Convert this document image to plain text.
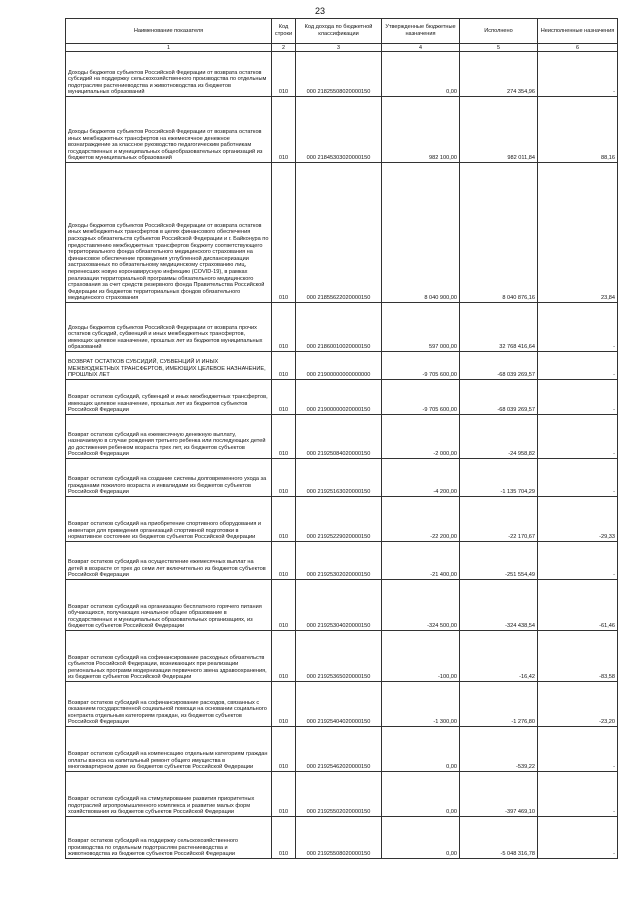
23
Наименование показателя	Код строки	Код дохода по бюджетной классификации	Утвержденные бюджетные назначения	Исполнено	Неисполненные назначения
1	2	3	4	5	6
Доходы бюджетов субъектов Российской Федерации от возврата остатков субсидий на поддержку сельскохозяйственного производства по отдельным подотраслям растениеводства и животноводства из бюджетов муниципальных образований	010	000 21825508020000150	0,00	274 354,96	-
Доходы бюджетов субъектов Российской Федерации от возврата остатков иных межбюджетных трансфертов на ежемесячное денежное вознаграждение за классное руководство педагогическим работникам государственных и муниципальных общеобразовательных организаций из бюджетов муниципальных образований	010	000 21845303020000150	982 100,00	982 011,84	88,16
Доходы бюджетов субъектов Российской Федерации от возврата остатков иных межбюджетных трансфертов в целях финансового обеспечения расходных обязательств субъектов Российской Федерации и г. Байконура по предоставлению межбюджетных трансфертов бюджету соответствующего территориального фонда обязательного медицинского страхования на финансовое обеспечение проведения углубленной диспансеризации застрахованных по обязательному медицинскому страхованию лиц, перенесших новую коронавирусную инфекцию (COVID-19), в рамках реализации территориальной программы обязательного медицинского страхования за счет средств резервного фонда Правительства Российской Федерации из бюджетов территориальных фондов обязательного медицинского страхования	010	000 21855622020000150	8 040 900,00	8 040 876,16	23,84
Доходы бюджетов субъектов Российской Федерации от возврата прочих остатков субсидий, субвенций и иных межбюджетных трансфертов, имеющих целевое назначение, прошлых лет из бюджетов муниципальных образований	010	000 21860010020000150	597 000,00	32 768 416,64	-
ВОЗВРАТ ОСТАТКОВ СУБСИДИЙ, СУБВЕНЦИЙ И ИНЫХ МЕЖБЮДЖЕТНЫХ ТРАНСФЕРТОВ, ИМЕЮЩИХ ЦЕЛЕВОЕ НАЗНАЧЕНИЕ, ПРОШЛЫХ ЛЕТ	010	000 21900000000000000	-9 705 600,00	-68 039 269,57	-
Возврат остатков субсидий, субвенций и иных межбюджетных трансфертов, имеющих целевое назначение, прошлых лет из бюджетов субъектов Российской Федерации	010	000 21900000020000150	-9 705 600,00	-68 039 269,57	-
Возврат остатков субсидий на ежемесячную денежную выплату, назначаемую в случае рождения третьего ребенка или последующих детей до достижения ребенком возраста трех лет, из бюджетов субъектов Российской Федерации	010	000 21925084020000150	-2 000,00	-24 958,82	-
Возврат остатков субсидий на создание системы долговременного ухода за гражданами пожилого возраста и инвалидами из бюджетов субъектов Российской Федерации	010	000 21925163020000150	-4 200,00	-1 135 704,29	-
Возврат остатков субсидий на приобретение спортивного оборудования и инвентаря для приведения организаций спортивной подготовки в нормативное состояние из бюджетов субъектов Российской Федерации	010	000 21925229020000150	-22 200,00	-22 170,67	-29,33
Возврат остатков субсидий на осуществление ежемесячных выплат на детей в возрасте от трех до семи лет включительно из бюджетов субъектов Российской Федерации	010	000 21925302020000150	-21 400,00	-251 554,49	-
Возврат остатков субсидий на организацию бесплатного горячего питания обучающихся, получающих начальное общее образование в государственных и муниципальных образовательных организациях, из бюджетов субъектов Российской Федерации	010	000 21925304020000150	-324 500,00	-324 438,54	-61,46
Возврат остатков субсидий на софинансирование расходных обязательств субъектов Российской Федерации, возникающих при реализации региональных программ модернизации первичного звена здравоохранения, из бюджетов субъектов Российской Федерации	010	000 21925365020000150	-100,00	-16,42	-83,58
Возврат остатков субсидий на софинансирование расходов, связанных с оказанием государственной социальной помощи на основании социального контракта отдельным категориям граждан, из бюджетов субъектов Российской Федерации	010	000 21925404020000150	-1 300,00	-1 276,80	-23,20
Возврат остатков субсидий на компенсацию отдельным категориям граждан оплаты взноса на капитальный ремонт общего имущества в многоквартирном доме из бюджетов субъектов Российской Федерации	010	000 21925462020000150	0,00	-539,22	-
Возврат остатков субсидий на стимулирование развития приоритетных подотраслей агропромышленного комплекса и развитие малых форм хозяйствования из бюджетов субъектов Российской Федерации	010	000 21925502020000150	0,00	-397 469,10	-
Возврат остатков субсидий на поддержку сельскохозяйственного производства по отдельным подотраслям растениеводства и животноводства из бюджетов субъектов Российской Федерации	010	000 21925508020000150	0,00	-5 048 316,78	-
